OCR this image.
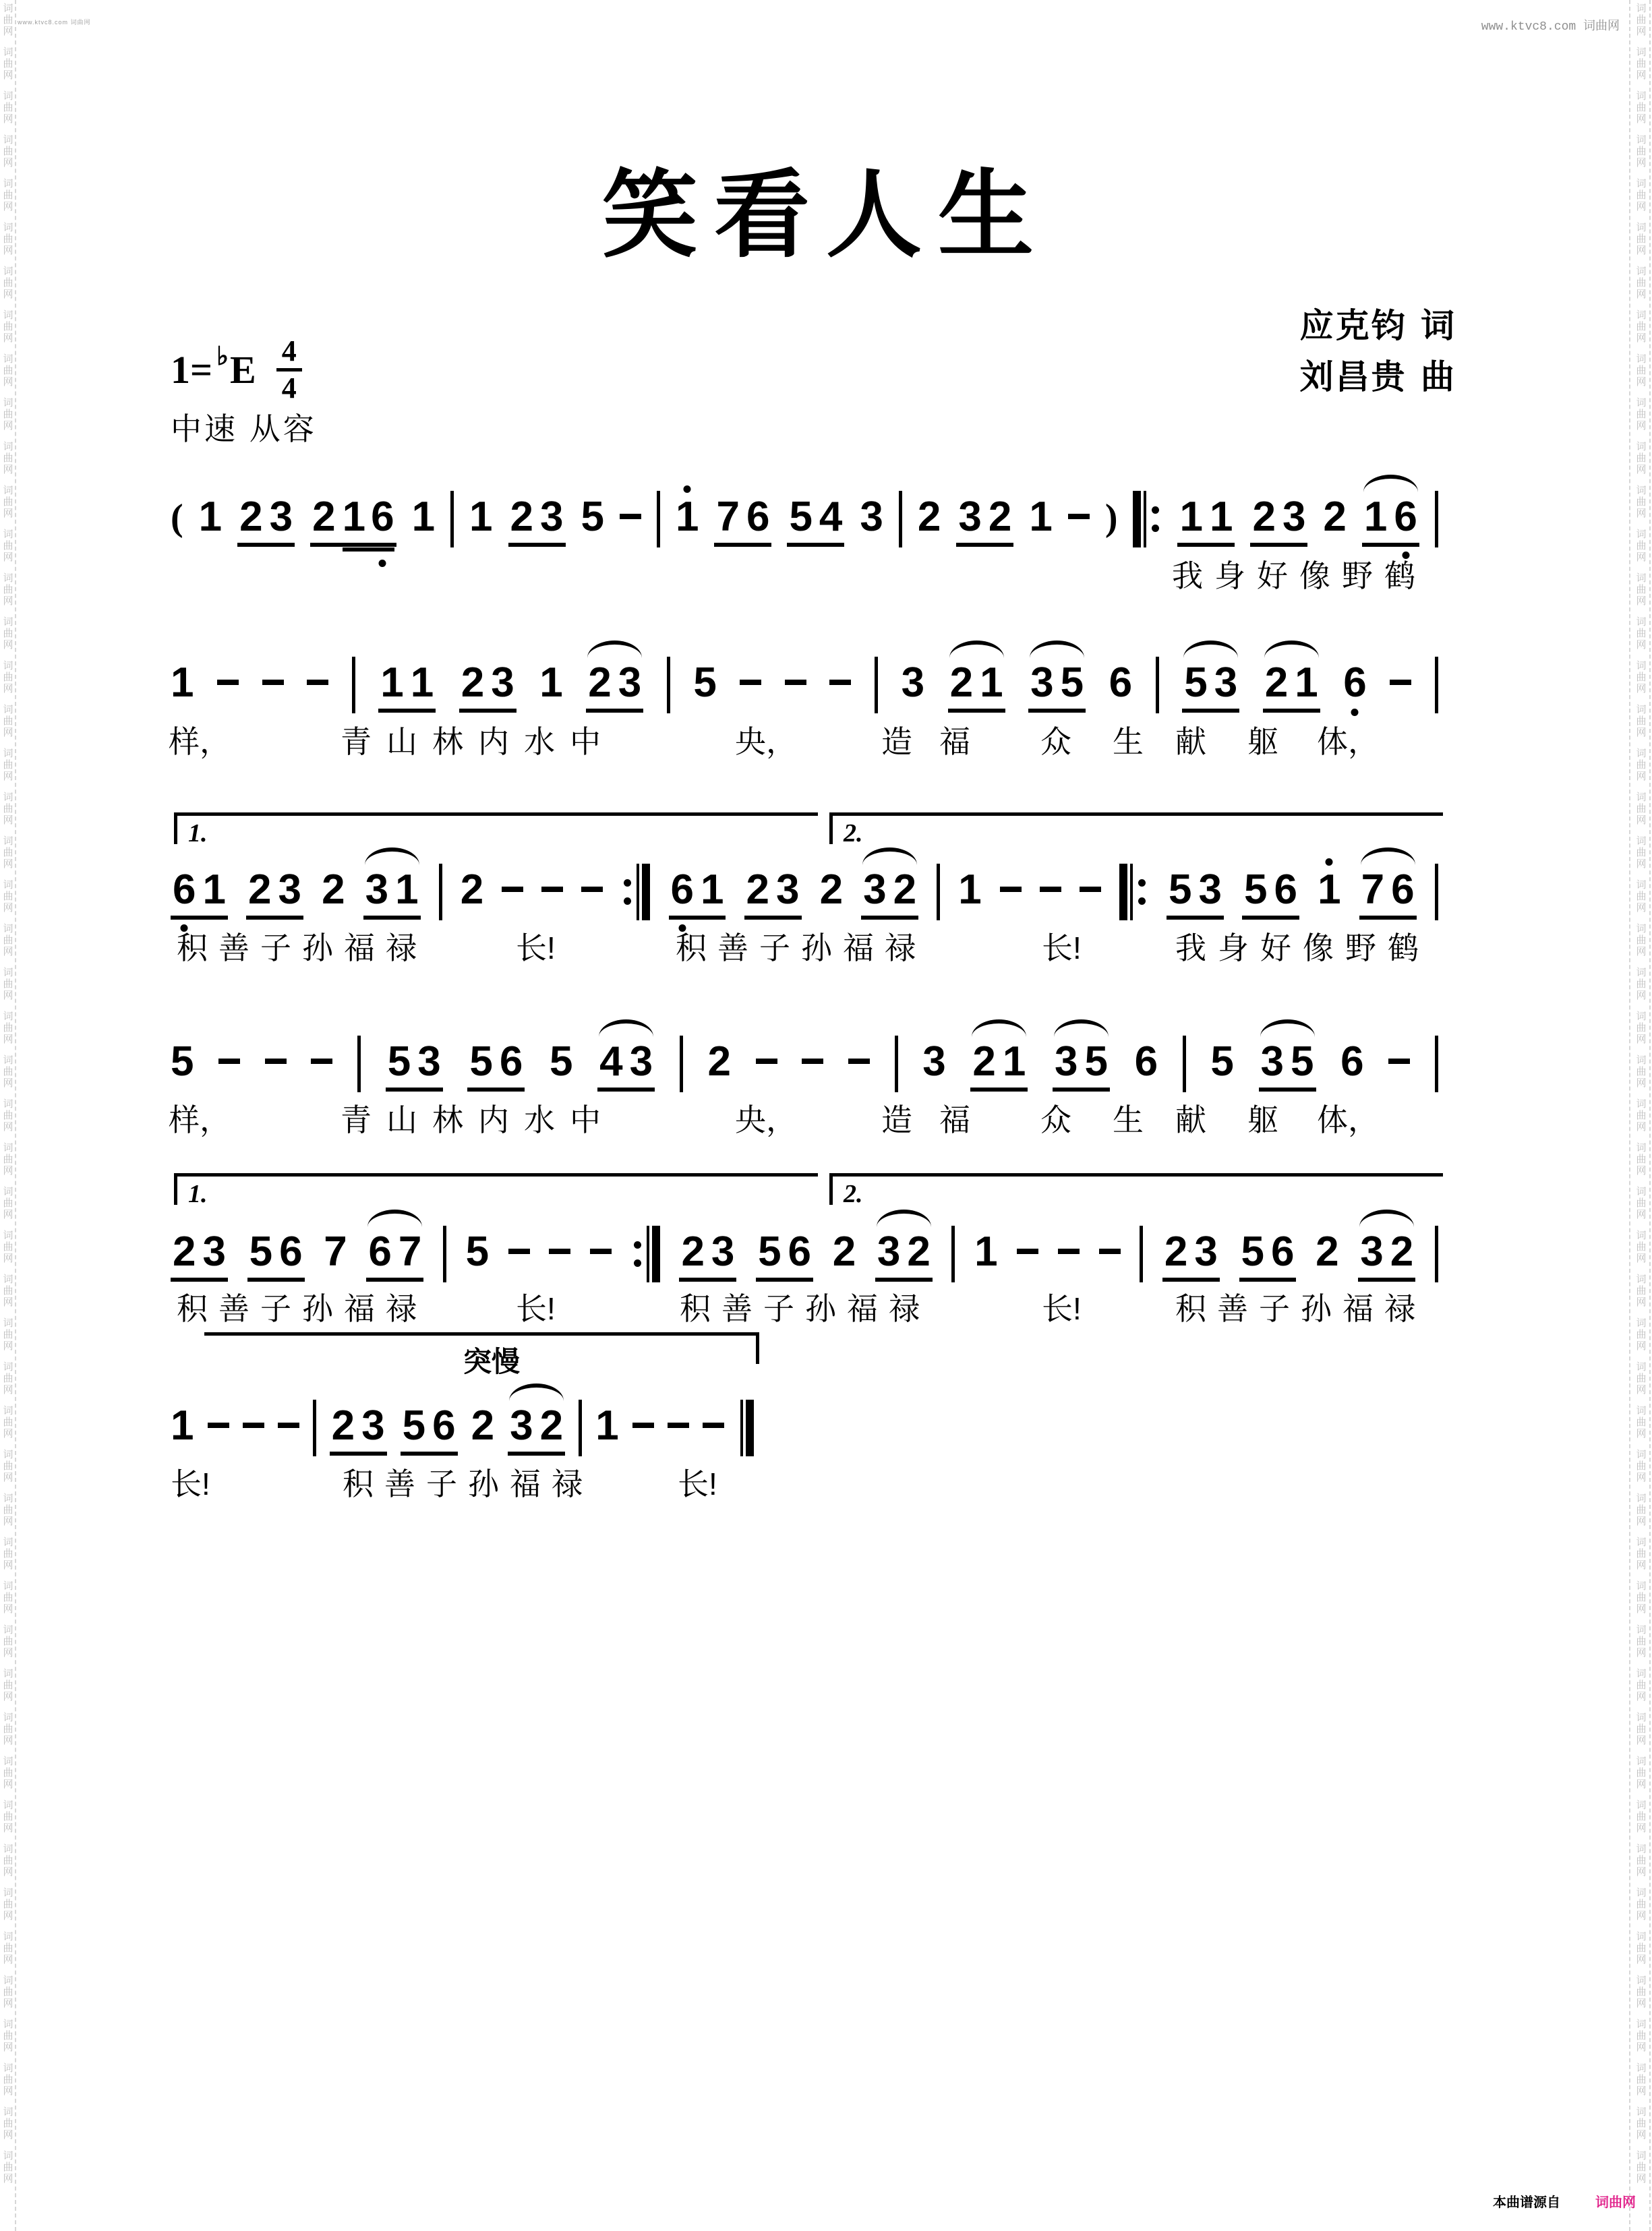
词
曲
网
词
曲
网
词
曲
网
词
曲
网
词
曲
网
词
曲
网
词
曲
网
词
曲
网
词
曲
网
词
曲
网
词
曲
网
词
曲
网
词
曲
网
词
曲
网
词
曲
网
词
曲
网
词
曲
网
词
曲
网
词
曲
网
词
曲
网
词
曲
网
词
曲
网
词
曲
网
词
曲
网
词
曲
网
词
曲
网
词
曲
网
词
曲
网
词
曲
网
词
曲
网
词
曲
网
词
曲
网
词
曲
网
词
曲
网
词
曲
网
词
曲
网
词
曲
网
词
曲
网
词
曲
网
词
曲
网
词
曲
网
词
曲
网
词
曲
网
词
曲
网
词
曲
网
词
曲
网
词
曲
网
词
曲
网
词
曲
网
词
曲
网
词
曲
网
词
曲
网
词
曲
网
词
曲
网
词
曲
网
词
曲
网
词
曲
网
词
曲
网
词
曲
网
词
曲
网
词
曲
网
词
曲
网
词
曲
网
词
曲
网
词
曲
网
词
曲
网
词
曲
网
词
曲
网
词
曲
网
词
曲
网
词
曲
网
词
曲
网
词
曲
网
词
曲
网
词
曲
网
词
曲
网
词
曲
网
词
曲
网
词
曲
网
词
曲
网
词
曲
网
词
曲
网
词
曲
网
词
曲
网
词
曲
网
词
曲
网
词
曲
网
词
曲
网
词
曲
网
词
曲
网
词
曲
网
词
曲
网
词
曲
网
词
曲
网
词
曲
网
词
曲
网
词
曲
网
词
曲
网
词
曲
网
词
曲
网
www.ktvc8.com 词曲网	www.ktvc8.com 词曲网
笑看人生
应克钧 词
刘昌贵 曲
1= ♭ E $\frac{4}{4}$
中速 从容
( 1 2 3 2 1 6 1 1 2 3 5 1 7 6 5 4 3 2 3 2 1 ) 1 1 2 3 2 1 6
我身好像野鹤
1	1 1 2 3 1 2 3 5	3 2 1 3 5 6 5 3 2 1 6
样，	青山林内水中	央，	造 福 众 生 献 躯 体，
6 1 2 3 2 3 1 2	6 1 2 3 2 3 2 1	5 3 5 6 1 7 6
积善子孙福禄	长!	积善子孙福禄	长!	我身好像野鹤
5	5 3 5 6 5 4 3 2	3 2 1 3 5 6 5 3 5 6
样，	青山林内水中	央，	造 福 众 生 献 躯 体，
2 3 5 6 7 6 7 5	2 3 5 6 2 3 2 1	2 3 5 6 2 3 2
积善子孙福禄	长!	积善子孙福禄	长!	积善子孙福禄
1	2 3 5 6 2 3 2 1
长!	积善子孙福禄	长!
1.	2.
1.	2.
突慢
本曲谱源自	词曲网
